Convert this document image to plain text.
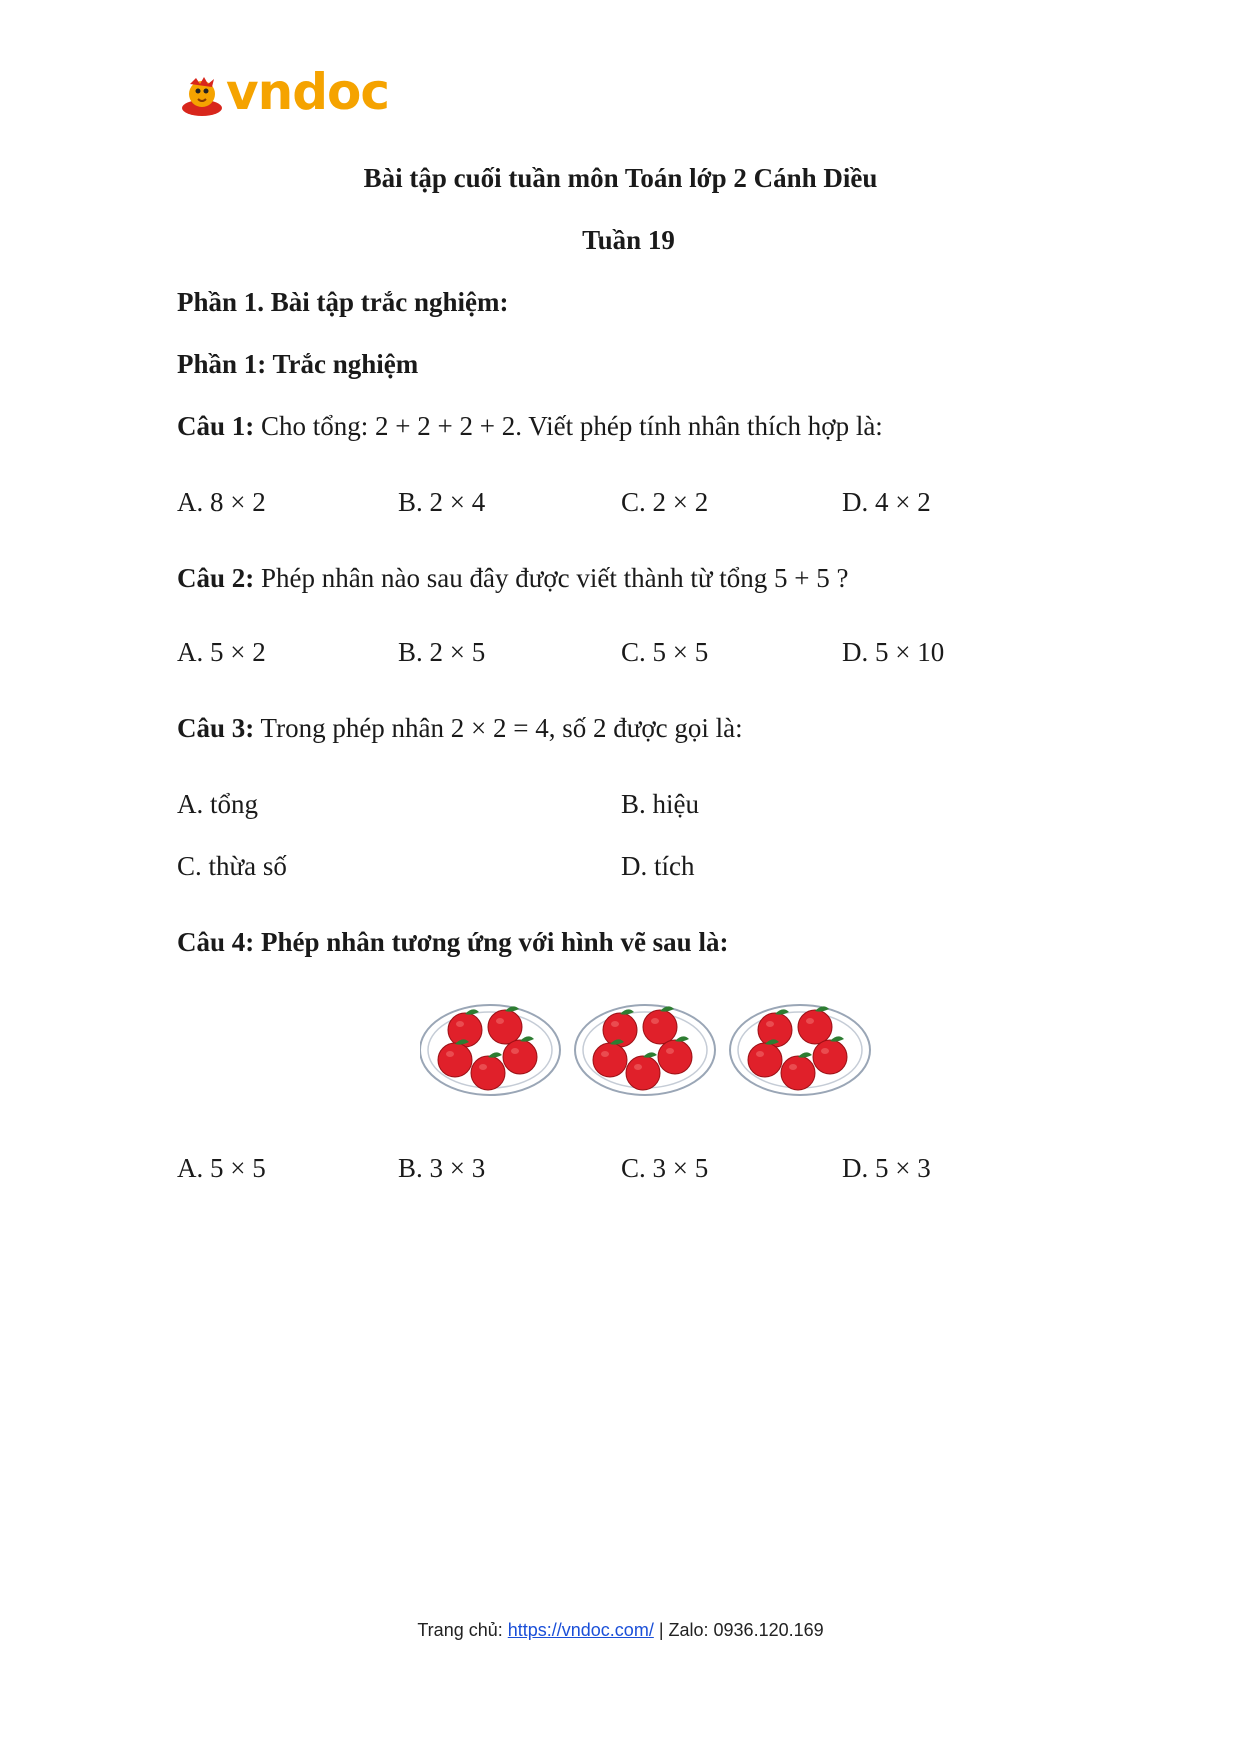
vndoc
Bài tập cuối tuần môn Toán lớp 2 Cánh Diều
Tuần 19
Phần 1. Bài tập trắc nghiệm:
Phần 1: Trắc nghiệm
Câu 1: Cho tổng: 2 + 2 + 2 + 2. Viết phép tính nhân thích hợp là:
A. 8 × 2	B. 2 × 4	C. 2 × 2	D. 4 × 2
Câu 2: Phép nhân nào sau đây được viết thành từ tổng 5 + 5 ?
A. 5 × 2	B. 2 × 5	C. 5 × 5	D. 5 × 10
Câu 3: Trong phép nhân 2 × 2 = 4, số 2 được gọi là:
A. tổng	B. hiệu
C. thừa số	D. tích
Câu 4: Phép nhân tương ứng với hình vẽ sau là:
A. 5 × 5	B. 3 × 3	C. 3 × 5	D. 5 × 3
Trang chủ: https://vndoc.com/ | Zalo: 0936.120.169
